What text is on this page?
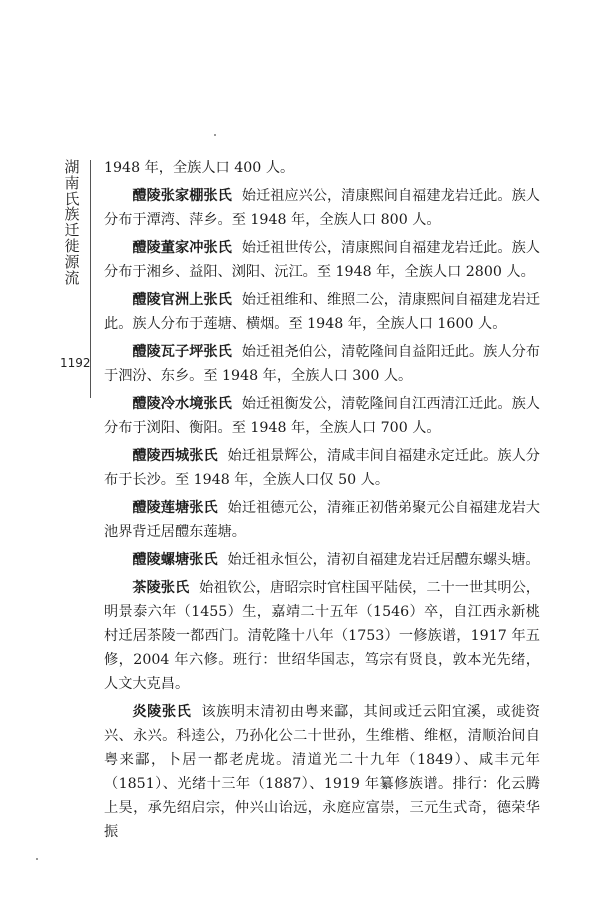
湖南氏族迁徙源流
1192

1948 年，全族人口 400 人。

醴陵张家棚张氏 始迁祖应兴公，清康熙间自福建龙岩迁此。族人分布于潭湾、萍乡。至 1948 年，全族人口 800 人。

醴陵董家冲张氏 始迁祖世传公，清康熙间自福建龙岩迁此。族人分布于湘乡、益阳、浏阳、沅江。至 1948 年，全族人口 2800 人。

醴陵官洲上张氏 始迁祖维和、维照二公，清康熙间自福建龙岩迁此。族人分布于莲塘、横烟。至 1948 年，全族人口 1600 人。

醴陵瓦子坪张氏 始迁祖尧伯公，清乾隆间自益阳迁此。族人分布于泗汾、东乡。至 1948 年，全族人口 300 人。

醴陵冷水境张氏 始迁祖衡发公，清乾隆间自江西清江迁此。族人分布于浏阳、衡阳。至 1948 年，全族人口 700 人。

醴陵西城张氏 始迁祖景辉公，清咸丰间自福建永定迁此。族人分布于长沙。至 1948 年，全族人口仅 50 人。

醴陵莲塘张氏 始迁祖德元公，清雍正初偕弟聚元公自福建龙岩大池界背迁居醴东莲塘。

醴陵螺塘张氏 始迁祖永恒公，清初自福建龙岩迁居醴东螺头塘。

茶陵张氏 始祖钦公，唐昭宗时官柱国平陆侯，二十一世其明公，明景泰六年（1455）生，嘉靖二十五年（1546）卒，自江西永新桃村迁居茶陵一都西门。清乾隆十八年（1753）一修族谱，1917 年五修，2004 年六修。班行：世绍华国志，笃宗有贤良，敦本光先绪，人文大克昌。

炎陵张氏 该族明末清初由粤来酃，其间或迁云阳宜溪，或徙资兴、永兴。科逵公，乃孙化公二十世孙，生维楷、维枢，清顺治间自粤来酃，卜居一都老虎垅。清道光二十九年（1849）、咸丰元年（1851）、光绪十三年（1887）、1919 年纂修族谱。排行：化云腾上昊，承先绍启宗，仲兴山诒远，永庭应富崇，三元生式奇，德荣华振
